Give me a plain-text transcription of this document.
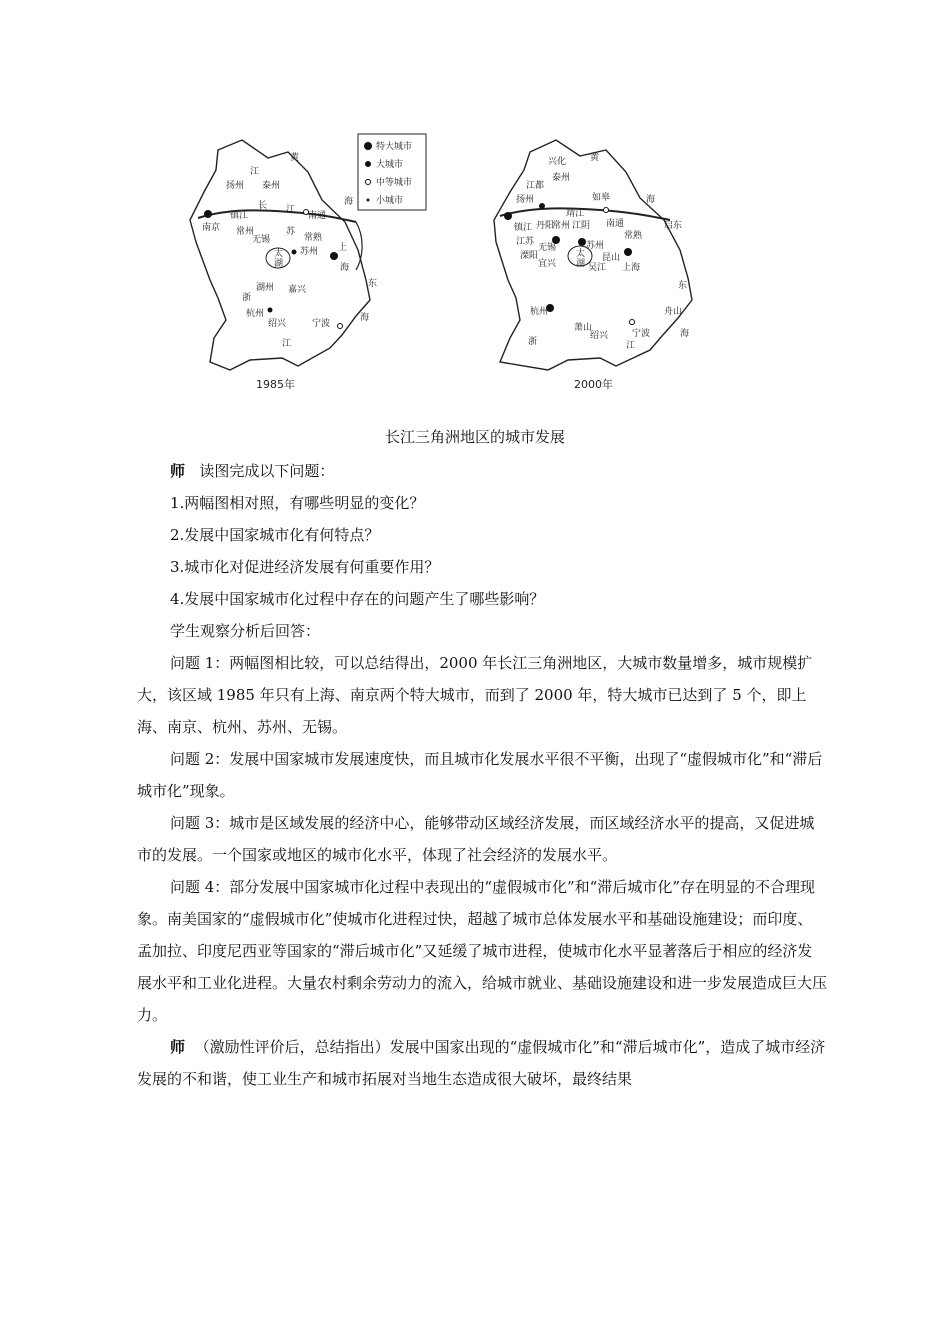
江
黄
海
苏
浙
江
东
海
扬州 泰州
长 江
南通
南京
镇江
常州
无锡
苏州
常熟
上
海
太
湖
湖州 嘉兴
杭州
绍兴	宁波
1985年
特大城市
大城市
中等城市
小城市
兴化	黄
海
泰州
江都
扬州	如皋
靖江
南通
镇江 丹阳
常州 江阴
无锡	苏州
溧阳
宜兴
太
湖 吴江
昆山
上海
杭州
萧山
绍兴	宁波
舟山
启东
常熟
江苏
浙	江
东
海
2000年
长江三角洲地区的城市发展

师 读图完成以下问题：

1.两幅图相对照，有哪些明显的变化？

2.发展中国家城市化有何特点？

3.城市化对促进经济发展有何重要作用？

4.发展中国家城市化过程中存在的问题产生了哪些影响？

学生观察分析后回答：

问题 1：两幅图相比较，可以总结得出，2000 年长江三角洲地区，大城市数量增多，城市规模扩大，该区域 1985 年只有上海、南京两个特大城市，而到了 2000 年，特大城市已达到了 5 个，即上海、南京、杭州、苏州、无锡。

问题 2：发展中国家城市发展速度快，而且城市化发展水平很不平衡，出现了“虚假城市化”和“滞后城市化”现象。

问题 3：城市是区域发展的经济中心，能够带动区域经济发展，而区域经济水平的提高，又促进城市的发展。一个国家或地区的城市化水平，体现了社会经济的发展水平。

问题 4：部分发展中国家城市化过程中表现出的“虚假城市化”和“滞后城市化”存在明显的不合理现象。南美国家的“虚假城市化”使城市化进程过快，超越了城市总体发展水平和基础设施建设；而印度、孟加拉、印度尼西亚等国家的“滞后城市化”又延缓了城市进程，使城市化水平显著落后于相应的经济发展水平和工业化进程。大量农村剩余劳动力的流入，给城市就业、基础设施建设和进一步发展造成巨大压力。

师 （激励性评价后，总结指出）发展中国家出现的“虚假城市化”和“滞后城市化”，造成了城市经济发展的不和谐，使工业生产和城市拓展对当地生态造成很大破坏，最终结果
